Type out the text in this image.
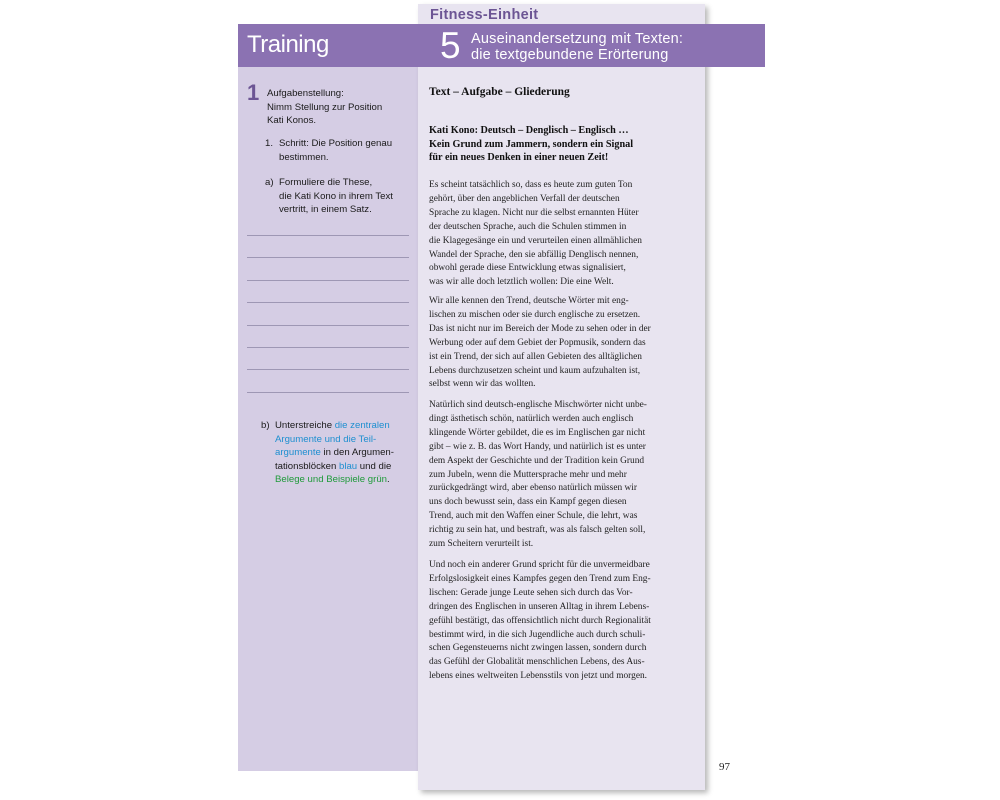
Fitness-Einheit
Training	5 Auseinandersetzung mit Texten:
die textgebundene Erörterung
1 Aufgabenstellung:
Nimm Stellung zur Position
Kati Konos.
1. Schritt: Die Position genau
bestimmen.
a) Formuliere die These,
die Kati Kono in ihrem Text
vertritt, in einem Satz.
b) Unterstreiche die zentralen
Argumente und die Teil-
argumente in den Argumen-
tationsblöcken blau und die
Belege und Beispiele grün.
Text – Aufgabe – Gliederung
Kati Kono: Deutsch – Denglisch – Englisch …
Kein Grund zum Jammern, sondern ein Signal
für ein neues Denken in einer neuen Zeit!
Es scheint tatsächlich so, dass es heute zum guten Ton
gehört, über den angeblichen Verfall der deutschen
Sprache zu klagen. Nicht nur die selbst ernannten Hüter
der deutschen Sprache, auch die Schulen stimmen in
die Klagegesänge ein und verurteilen einen allmählichen
Wandel der Sprache, den sie abfällig Denglisch nennen,
obwohl gerade diese Entwicklung etwas signalisiert,
was wir alle doch letztlich wollen: Die eine Welt.
Wir alle kennen den Trend, deutsche Wörter mit eng-
lischen zu mischen oder sie durch englische zu ersetzen.
Das ist nicht nur im Bereich der Mode zu sehen oder in der
Werbung oder auf dem Gebiet der Popmusik, sondern das
ist ein Trend, der sich auf allen Gebieten des alltäglichen
Lebens durchzusetzen scheint und kaum aufzuhalten ist,
selbst wenn wir das wollten.
Natürlich sind deutsch-englische Mischwörter nicht unbe-
dingt ästhetisch schön, natürlich werden auch englisch
klingende Wörter gebildet, die es im Englischen gar nicht
gibt – wie z. B. das Wort Handy, und natürlich ist es unter
dem Aspekt der Geschichte und der Tradition kein Grund
zum Jubeln, wenn die Muttersprache mehr und mehr
zurückgedrängt wird, aber ebenso natürlich müssen wir
uns doch bewusst sein, dass ein Kampf gegen diesen
Trend, auch mit den Waffen einer Schule, die lehrt, was
richtig zu sein hat, und bestraft, was als falsch gelten soll,
zum Scheitern verurteilt ist.
Und noch ein anderer Grund spricht für die unvermeidbare
Erfolgslosigkeit eines Kampfes gegen den Trend zum Eng-
lischen: Gerade junge Leute sehen sich durch das Vor-
dringen des Englischen in unseren Alltag in ihrem Lebens-
gefühl bestätigt, das offensichtlich nicht durch Regionalität
bestimmt wird, in die sich Jugendliche auch durch schuli-
schen Gegensteuerns nicht zwingen lassen, sondern durch
das Gefühl der Globalität menschlichen Lebens, des Aus-
lebens eines weltweiten Lebensstils von jetzt und morgen.
97
